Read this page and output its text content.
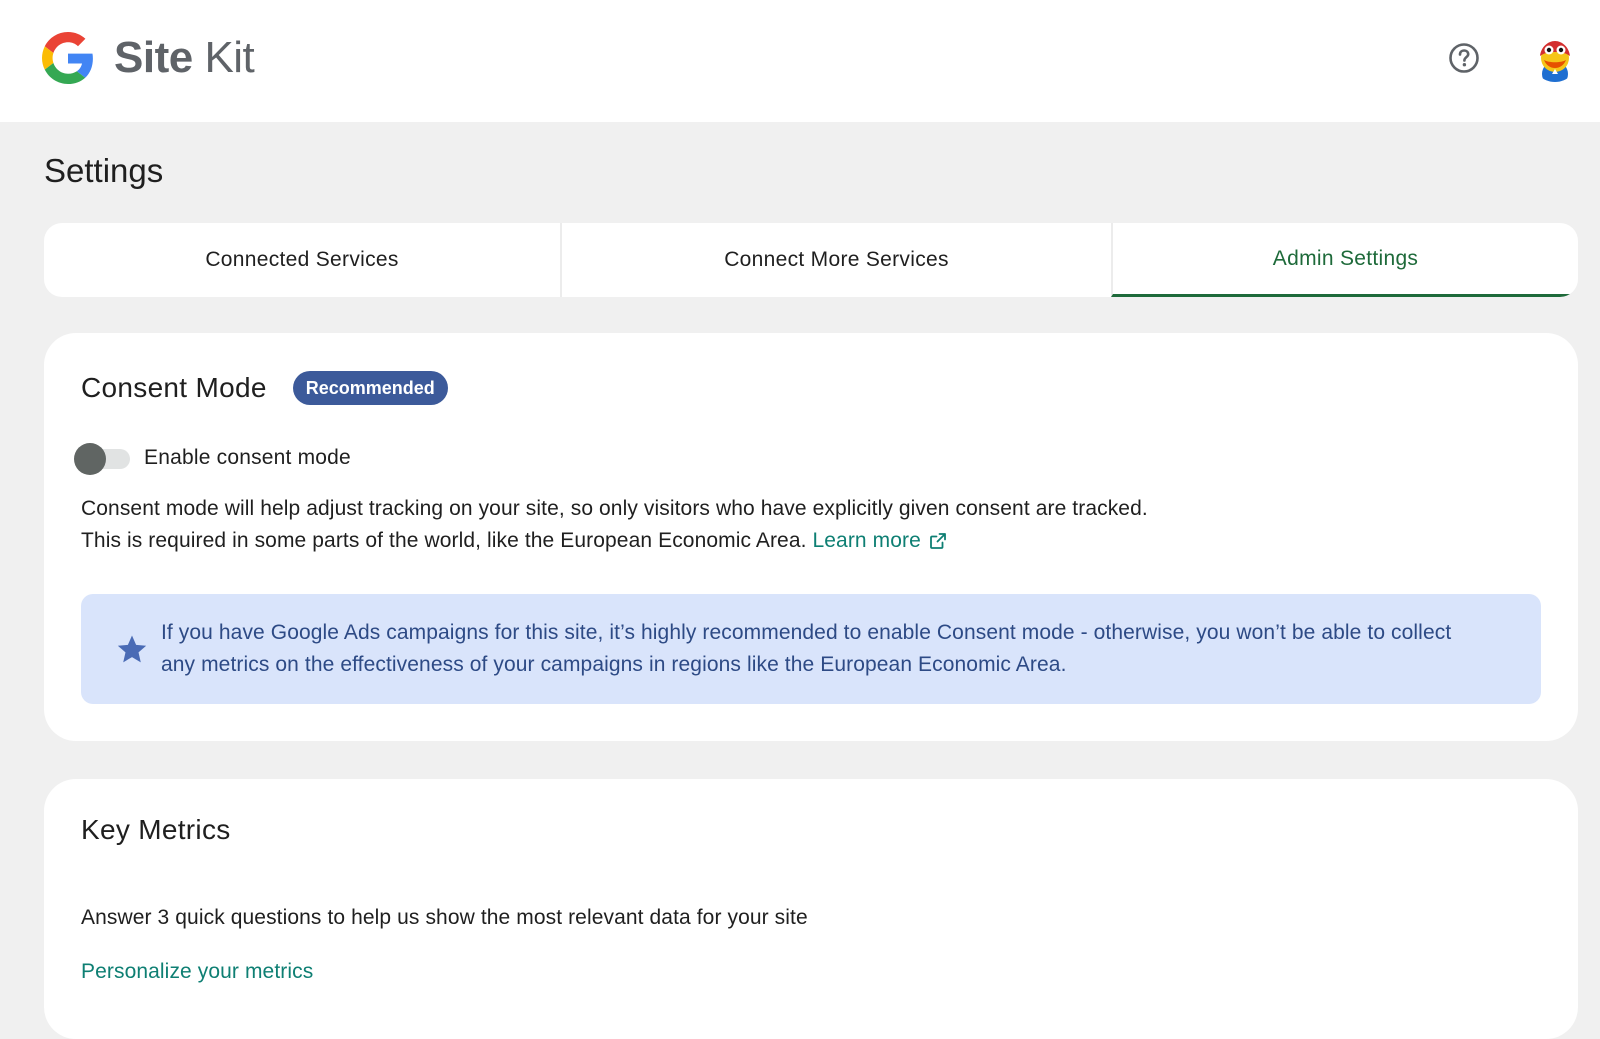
Site Kit
Settings
Connected Services	Connect More Services	Admin Settings
Consent Mode	Recommended
Enable consent mode

Consent mode will help adjust tracking on your site, so only visitors who have explicitly given consent are tracked.

This is required in some parts of the world, like the European Economic Area. Learn more

If you have Google Ads campaigns for this site, it’s highly recommended to enable Consent mode - otherwise, you won’t be able to collect any metrics on the effectiveness of your campaigns in regions like the European Economic Area.
Key Metrics
Answer 3 quick questions to help us show the most relevant data for your site
Personalize your metrics
